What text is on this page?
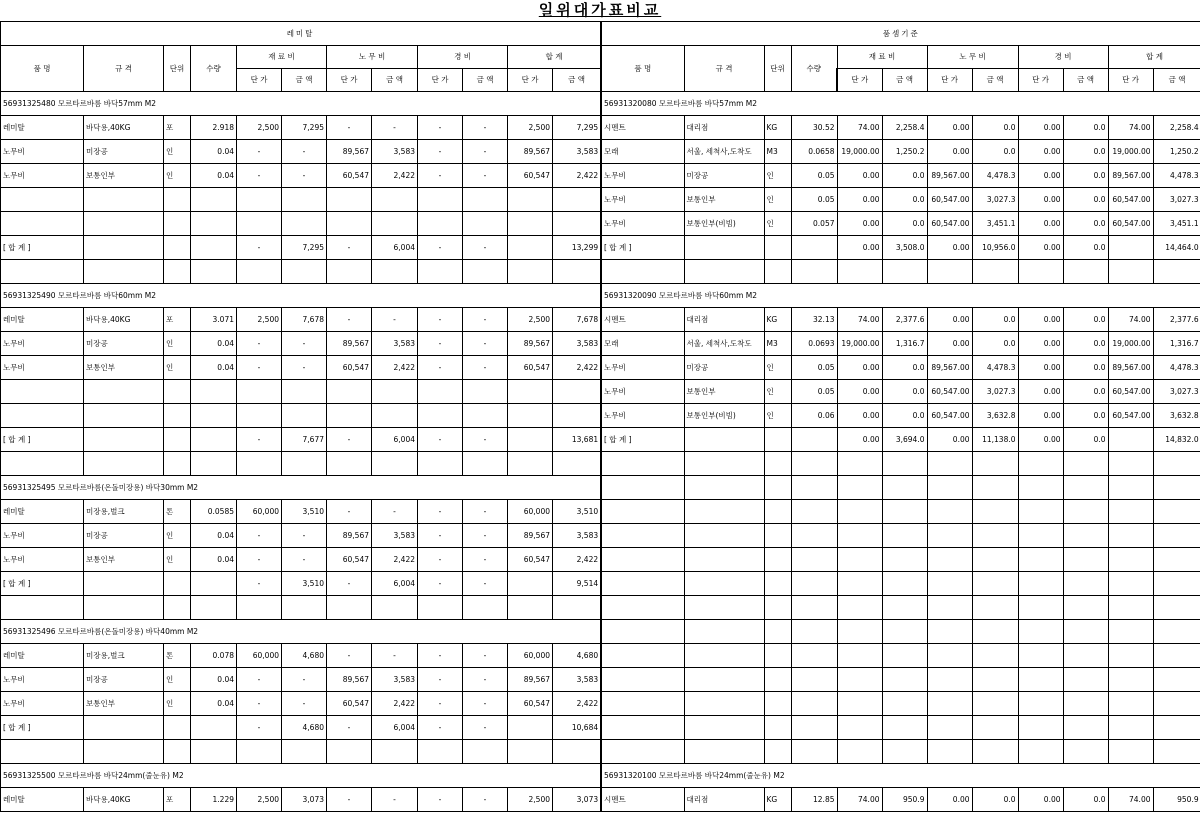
일위대가표비교
레미탈											
품 명	규 격	단위	수량	재 료 비		노 무 비		경 비		합 계	
				단 가	금 액	단 가	금 액	단 가	금 액	단 가	금 액
56931325480 모르타르바름 바닥57mm M2											
레미탈	바닥용,40KG	포	2.918	2,500	7,295	-	-	-	-	2,500	7,295
노무비	미장공	인	0.04	-	-	89,567	3,583	-	-	89,567	3,583
노무비	보통인부	인	0.04	-	-	60,547	2,422	-	-	60,547	2,422

[ 합 계 ]				-	7,295	-	6,004	-	-		13,299

56931325490 모르타르바름 바닥60mm M2											
레미탈	바닥용,40KG	포	3.071	2,500	7,678	-	-	-	-	2,500	7,678
노무비	미장공	인	0.04	-	-	89,567	3,583	-	-	89,567	3,583
노무비	보통인부	인	0.04	-	-	60,547	2,422	-	-	60,547	2,422

[ 합 계 ]				-	7,677	-	6,004	-	-		13,681

56931325495 모르타르바름(온돌미장용) 바닥30mm M2											
레미탈	미장용,벌크	톤	0.0585	60,000	3,510	-	-	-	-	60,000	3,510
노무비	미장공	인	0.04	-	-	89,567	3,583	-	-	89,567	3,583
노무비	보통인부	인	0.04	-	-	60,547	2,422	-	-	60,547	2,422
[ 합 계 ]				-	3,510	-	6,004	-	-		9,514

56931325496 모르타르바름(온돌미장용) 바닥40mm M2											
레미탈	미장용,벌크	톤	0.078	60,000	4,680	-	-	-	-	60,000	4,680
노무비	미장공	인	0.04	-	-	89,567	3,583	-	-	89,567	3,583
노무비	보통인부	인	0.04	-	-	60,547	2,422	-	-	60,547	2,422
[ 합 계 ]				-	4,680	-	6,004	-	-		10,684

56931325500 모르타르바름 바닥24mm(줄눈유) M2											
레미탈	바닥용,40KG	포	1.229	2,500	3,073	-	-	-	-	2,500	3,073
품셈기준											
품 명	규 격	단위	수량	재 료 비		노 무 비		경 비		합 계	
				단 가	금 액	단 가	금 액	단 가	금 액	단 가	금 액
56931320080 모르타르바름 바닥57mm M2											
시멘트	대리점	KG	30.52	74.00	2,258.4	0.00	0.0	0.00	0.0	74.00	2,258.4
모래	서울, 세척사,도착도	M3	0.0658	19,000.00	1,250.2	0.00	0.0	0.00	0.0	19,000.00	1,250.2
노무비	미장공	인	0.05	0.00	0.0	89,567.00	4,478.3	0.00	0.0	89,567.00	4,478.3
노무비	보통인부	인	0.05	0.00	0.0	60,547.00	3,027.3	0.00	0.0	60,547.00	3,027.3
노무비	보통인부(비빔)	인	0.057	0.00	0.0	60,547.00	3,451.1	0.00	0.0	60,547.00	3,451.1
[ 합 계 ]				0.00	3,508.0	0.00	10,956.0	0.00	0.0		14,464.0

56931320090 모르타르바름 바닥60mm M2											
시멘트	대리점	KG	32.13	74.00	2,377.6	0.00	0.0	0.00	0.0	74.00	2,377.6
모래	서울, 세척사,도착도	M3	0.0693	19,000.00	1,316.7	0.00	0.0	0.00	0.0	19,000.00	1,316.7
노무비	미장공	인	0.05	0.00	0.0	89,567.00	4,478.3	0.00	0.0	89,567.00	4,478.3
노무비	보통인부	인	0.05	0.00	0.0	60,547.00	3,027.3	0.00	0.0	60,547.00	3,027.3
노무비	보통인부(비빔)	인	0.06	0.00	0.0	60,547.00	3,632.8	0.00	0.0	60,547.00	3,632.8
[ 합 계 ]				0.00	3,694.0	0.00	11,138.0	0.00	0.0		14,832.0

56931320100 모르타르바름 바닥24mm(줄눈유) M2											
시멘트	대리점	KG	12.85	74.00	950.9	0.00	0.0	0.00	0.0	74.00	950.9
